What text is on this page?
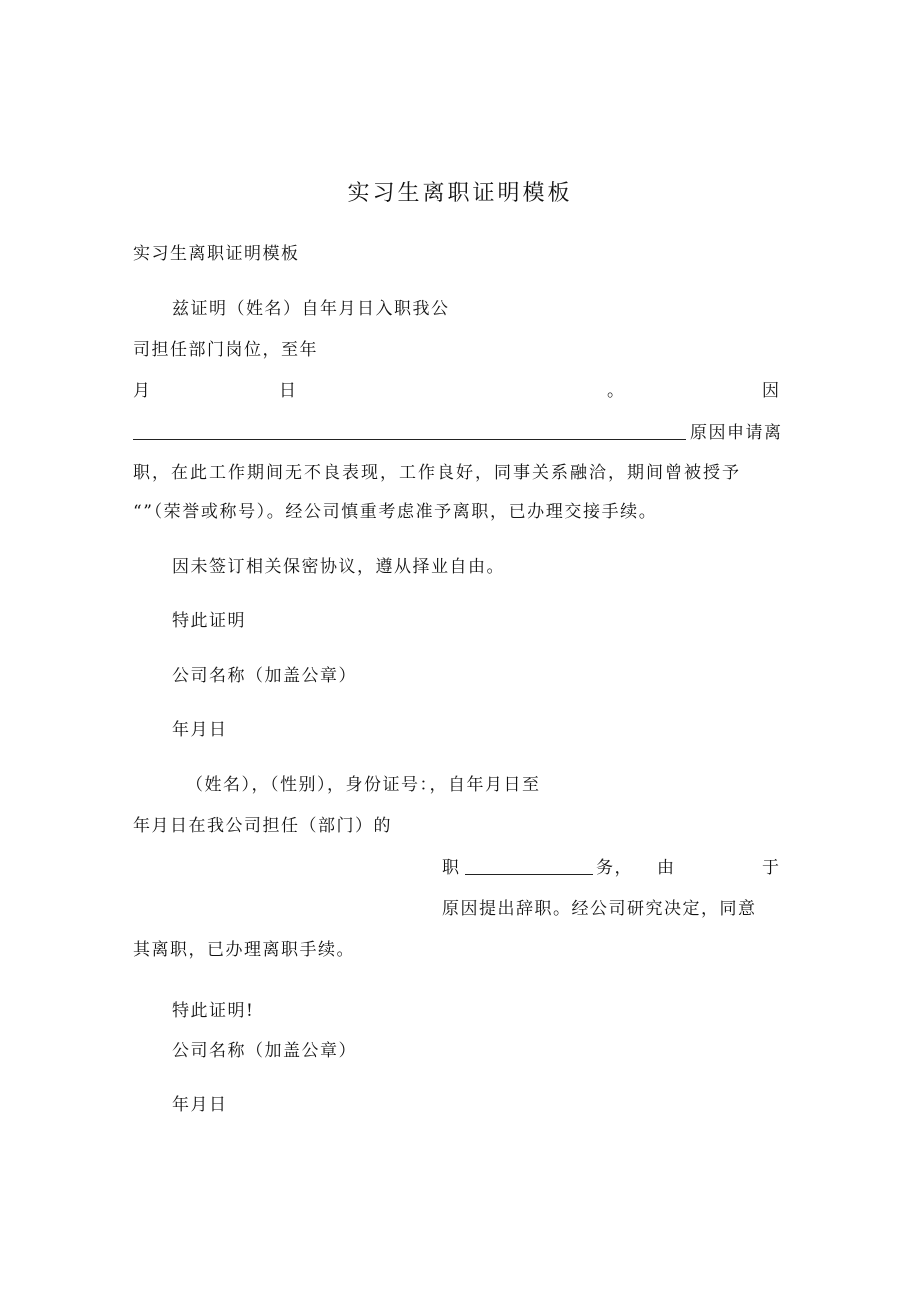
实习生离职证明模板
实习生离职证明模板
兹证明（姓名）自年月日入职我公
司担任部门岗位，至年
月	日	。	因
原因申请离
职，在此工作期间无不良表现，工作良好，同事关系融洽，期间曾被授予
“”（荣誉或称号）。经公司慎重考虑准予离职，已办理交接手续。
因未签订相关保密协议，遵从择业自由。
特此证明
公司名称（加盖公章）
年月日
（姓名），（性别），身份证号：，自年月日至
年月日在我公司担任（部门）的
职	务， 由	于
原因提出辞职。经公司研究决定，同意
其离职，已办理离职手续。
特此证明!
公司名称（加盖公章）
年月日
